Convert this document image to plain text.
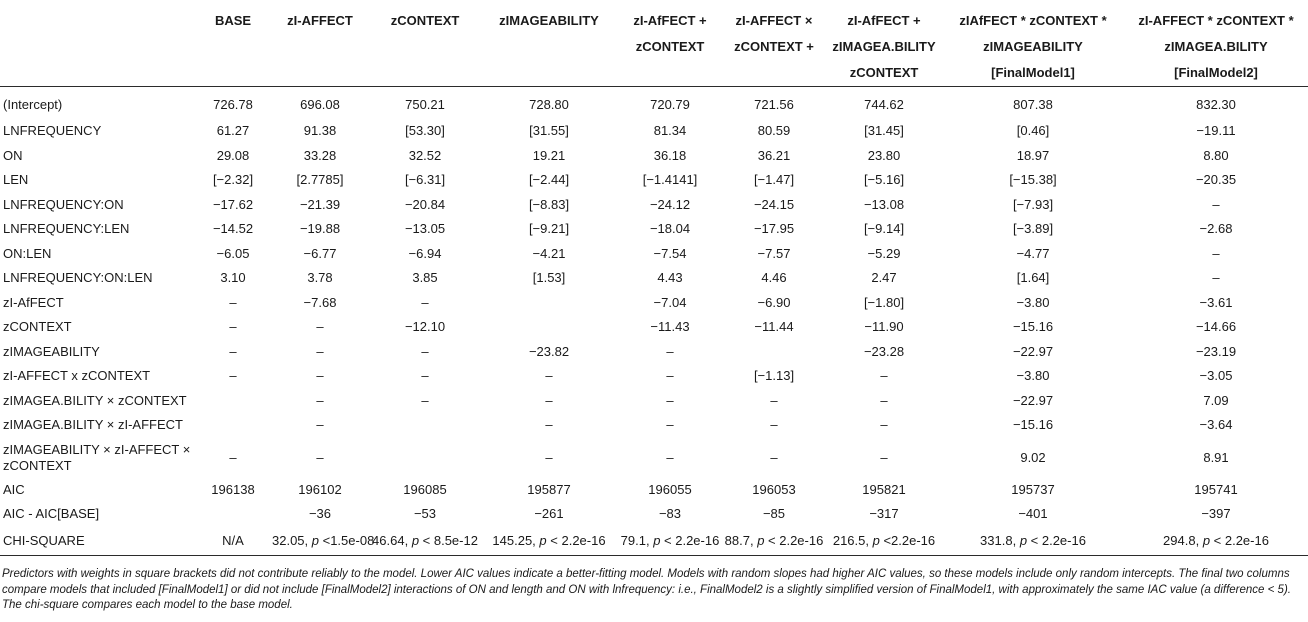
	BASE	zI-AFFECT	zCONTEXT	zIMAGEABILITY	zI-AfFECT + zCONTEXT	zI-AFFECT × zCONTEXT +	zI-AfFECT + zIMAGEA.BILITY zCONTEXT	zIAfFECT * zCONTEXT * zIMAGEABILITY [FinalModel1]	zI-AFFECT * zCONTEXT * zIMAGEA.BILITY [FinalModel2]
(Intercept)	726.78	696.08	750.21	728.80	720.79	721.56	744.62	807.38	832.30
LNFREQUENCY	61.27	91.38	[53.30]	[31.55]	81.34	80.59	[31.45]	[0.46]	−19.11
ON	29.08	33.28	32.52	19.21	36.18	36.21	23.80	18.97	8.80
LEN	[−2.32]	[2.7785]	[−6.31]	[−2.44]	[−1.4141]	[−1.47]	[−5.16]	[−15.38]	−20.35
LNFREQUENCY:ON	−17.62	−21.39	−20.84	[−8.83]	−24.12	−24.15	−13.08	[−7.93]	–
LNFREQUENCY:LEN	−14.52	−19.88	−13.05	[−9.21]	−18.04	−17.95	[−9.14]	[−3.89]	−2.68
ON:LEN	−6.05	−6.77	−6.94	−4.21	−7.54	−7.57	−5.29	−4.77	–
LNFREQUENCY:ON:LEN	3.10	3.78	3.85	[1.53]	4.43	4.46	2.47	[1.64]	–
zI-AfFECT	–	−7.68	–		−7.04	−6.90	[−1.80]	−3.80	−3.61
zCONTEXT	–	–	−12.10		−11.43	−11.44	−11.90	−15.16	−14.66
zIMAGEABILITY	–	–	–	−23.82	–		−23.28	−22.97	−23.19
zI-AFFECT x zCONTEXT	–	–	–	–	–	[−1.13]	–	−3.80	−3.05
zIMAGEA.BILITY × zCONTEXT		–	–	–	–	–	–	−22.97	7.09
zIMAGEA.BILITY × zI-AFFECT		–		–	–	–	–	−15.16	−3.64
zIMAGEABILITY × zI-AFFECT × zCONTEXT	–	–		–	–	–	–	9.02	8.91
AIC	196138	196102	196085	195877	196055	196053	195821	195737	195741
AIC - AIC[BASE]		−36	−53	−261	−83	−85	−317	−401	−397
CHI-SQUARE	N/A	32.05, p <1.5e-08	46.64, p < 8.5e-12	145.25, p < 2.2e-16	79.1, p < 2.2e-16	88.7, p < 2.2e-16	216.5, p <2.2e-16	331.8, p < 2.2e-16	294.8, p < 2.2e-16

Predictors with weights in square brackets did not contribute reliably to the model. Lower AIC values indicate a better-fitting model. Models with random slopes had higher AIC values, so these models include only random intercepts. The final two columns compare models that included [FinalModel1] or did not include [FinalModel2] interactions of ON and length and ON with lnfrequency: i.e., FinalModel2 is a slightly simplified version of FinalModel1, with approximately the same IAC value (a difference < 5). The chi-square compares each model to the base model.
